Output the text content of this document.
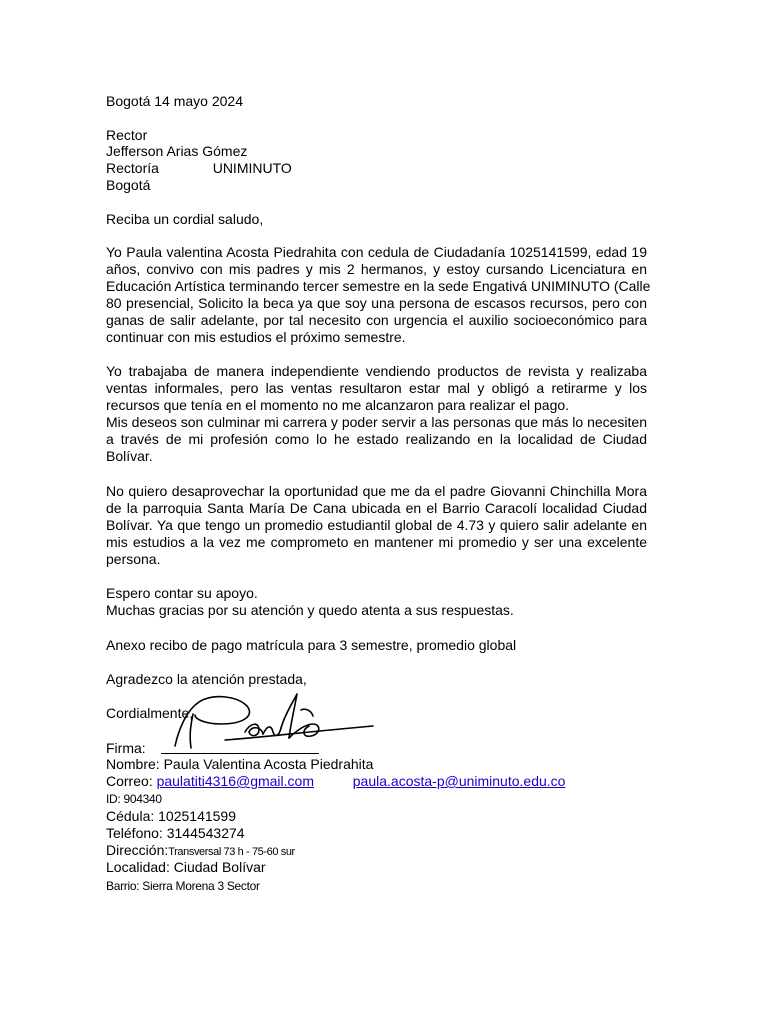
Bogotá 14 mayo 2024
Rector
Jefferson Arias Gómez
Rectoría	UNIMINUTO
Bogotá
Reciba un cordial saludo,
Yo Paula valentina Acosta Piedrahita con cedula de Ciudadanía 1025141599, edad 19
años, convivo con mis padres y mis 2 hermanos, y estoy cursando Licenciatura en
Educación Artística terminando tercer semestre en la sede Engativá UNIMINUTO (Calle
80 presencial, Solicito la beca ya que soy una persona de escasos recursos, pero con
ganas de salir adelante, por tal necesito con urgencia el auxilio socioeconómico para
continuar con mis estudios el próximo semestre.
Yo trabajaba de manera independiente vendiendo productos de revista y realizaba
ventas informales, pero las ventas resultaron estar mal y obligó a retirarme y los
recursos que tenía en el momento no me alcanzaron para realizar el pago.
Mis deseos son culminar mi carrera y poder servir a las personas que más lo necesiten
a través de mi profesión como lo he estado realizando en la localidad de Ciudad
Bolívar.
No quiero desaprovechar la oportunidad que me da el padre Giovanni Chinchilla Mora
de la parroquia Santa María De Cana ubicada en el Barrio Caracolí localidad Ciudad
Bolívar. Ya que tengo un promedio estudiantil global de 4.73 y quiero salir adelante en
mis estudios a la vez me comprometo en mantener mi promedio y ser una excelente
persona.
Espero contar su apoyo.
Muchas gracias por su atención y quedo atenta a sus respuestas.
Anexo recibo de pago matrícula para 3 semestre, promedio global
Agradezco la atención prestada,
Cordialmente,
Firma:
Nombre: Paula Valentina Acosta Piedrahita
Correo: paulatiti4316@gmail.com	paula.acosta-p@uniminuto.edu.co
ID: 904340
Cédula: 1025141599
Teléfono: 3144543274
Dirección:Transversal 73 h - 75-60 sur
Localidad: Ciudad Bolívar
Barrio: Sierra Morena 3 Sector
